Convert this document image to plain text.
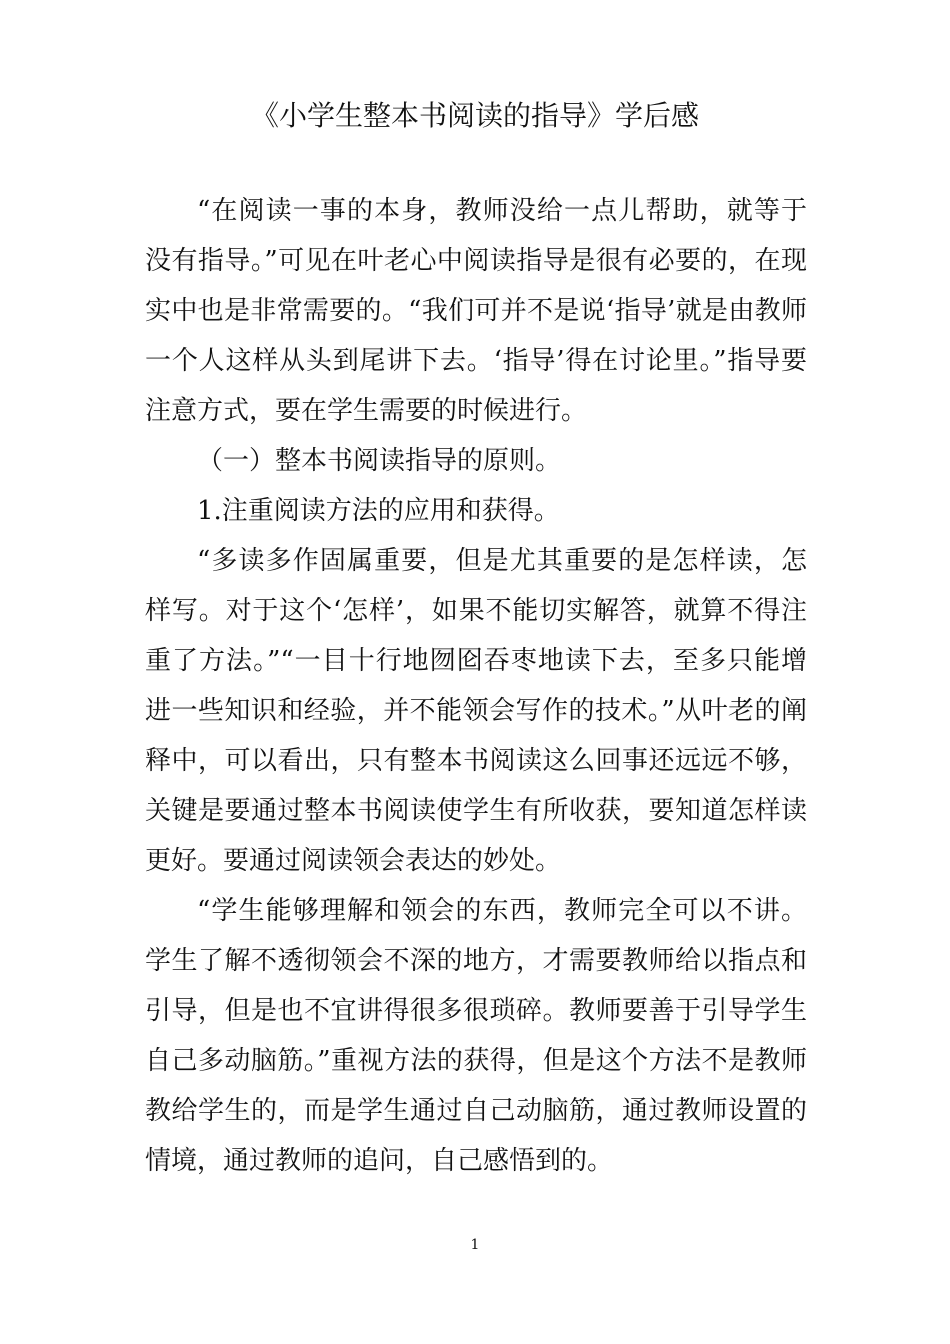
《小学生整本书阅读的指导》学后感

“在阅读一事的本身，教师没给一点儿帮助，就等于没有指导。”可见在叶老心中阅读指导是很有必要的，在现实中也是非常需要的。“我们可并不是说‘指导’就是由教师一个人这样从头到尾讲下去。‘指导’得在讨论里。”指导要注意方式，要在学生需要的时候进行。

（一）整本书阅读指导的原则。

1.注重阅读方法的应用和获得。

“多读多作固属重要，但是尤其重要的是怎样读，怎样写。对于这个‘怎样’，如果不能切实解答，就算不得注重了方法。”“一目十行地囫囵吞枣地读下去，至多只能增进一些知识和经验，并不能领会写作的技术。”从叶老的阐释中，可以看出，只有整本书阅读这么回事还远远不够，关键是要通过整本书阅读使学生有所收获，要知道怎样读更好。要通过阅读领会表达的妙处。

“学生能够理解和领会的东西，教师完全可以不讲。学生了解不透彻领会不深的地方，才需要教师给以指点和引导，但是也不宜讲得很多很琐碎。教师要善于引导学生自己多动脑筋。”重视方法的获得，但是这个方法不是教师教给学生的，而是学生通过自己动脑筋，通过教师设置的情境，通过教师的追问，自己感悟到的。

1
